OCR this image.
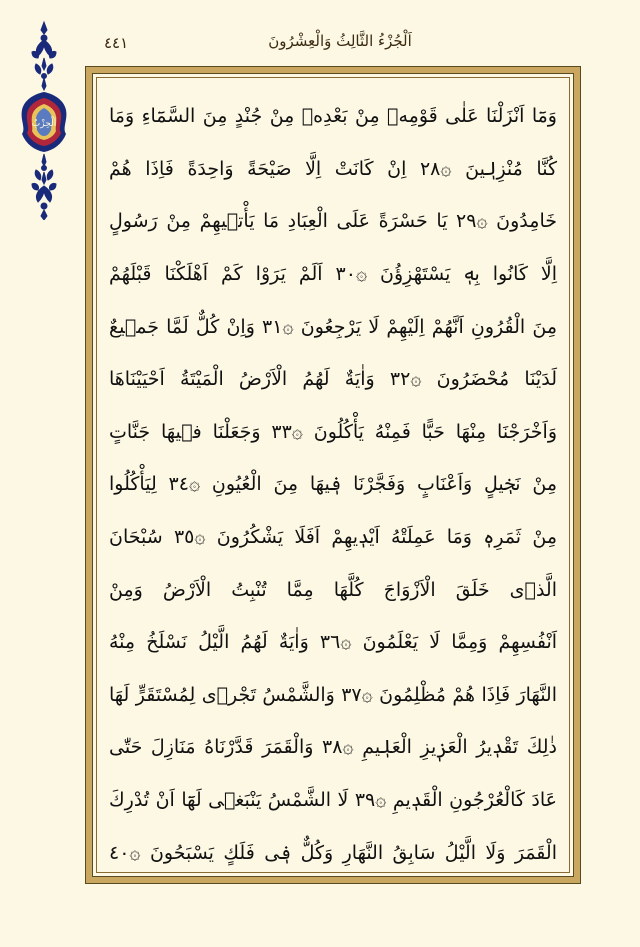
٤٤١	اَلْجُزْءُ الثَّالِثُ وَالْعِشْرُونَ
اَلْحِزْبُ	وَمَٓا اَنْزَلْنَا عَلٰى قَوْمِهٖ مِنْ بَعْدِهٖ مِنْ جُنْدٍ مِنَ السَّمَٓاءِ وَمَا
كُنَّا مُنْزِلٖينَ ۞٢٨ اِنْ كَانَتْ اِلَّا صَيْحَةً وَاحِدَةً فَاِذَا هُمْ
خَامِدُونَ ۞٢٩ يَا حَسْرَةً عَلَى الْعِبَادِ مَا يَأْتٖيهِمْ مِنْ رَسُولٍ
اِلَّا كَانُوا بِهٖ يَسْتَهْزِؤُنَ ۞٣٠ اَلَمْ يَرَوْا كَمْ اَهْلَكْنَا قَبْلَهُمْ
مِنَ الْقُرُونِ اَنَّهُمْ اِلَيْهِمْ لَا يَرْجِعُونَ ۞٣١ وَاِنْ كُلٌّ لَمَّا جَمٖيعٌ
لَدَيْنَا مُحْضَرُونَ ۞٣٢ وَاٰيَةٌ لَهُمُ الْاَرْضُ الْمَيْتَةُ اَحْيَيْنَاهَا
وَاَخْرَجْنَا مِنْهَا حَبًّا فَمِنْهُ يَأْكُلُونَ ۞٣٣ وَجَعَلْنَا فٖيهَا جَنَّاتٍ
مِنْ نَخٖيلٍ وَاَعْنَابٍ وَفَجَّرْنَا فٖيهَا مِنَ الْعُيُونِ ۞٣٤ لِيَأْكُلُوا
مِنْ ثَمَرِهٖ وَمَا عَمِلَتْهُ اَيْدٖيهِمْ اَفَلَا يَشْكُرُونَ ۞٣٥ سُبْحَانَ
الَّذٖى خَلَقَ الْاَزْوَاجَ كُلَّهَا مِمَّا تُنْبِتُ الْاَرْضُ وَمِنْ
اَنْفُسِهِمْ وَمِمَّا لَا يَعْلَمُونَ ۞٣٦ وَاٰيَةٌ لَهُمُ الَّيْلُ نَسْلَخُ مِنْهُ
النَّهَارَ فَاِذَا هُمْ مُظْلِمُونَ ۞٣٧ وَالشَّمْسُ تَجْرٖى لِمُسْتَقَرٍّ لَهَا
ذٰلِكَ تَقْدٖيرُ الْعَزٖيزِ الْعَلٖيمِ ۞٣٨ وَالْقَمَرَ قَدَّرْنَاهُ مَنَازِلَ حَتّٰى
عَادَ كَالْعُرْجُونِ الْقَدٖيمِ ۞٣٩ لَا الشَّمْسُ يَنْبَغٖى لَهَٓا اَنْ تُدْرِكَ
الْقَمَرَ وَلَا الَّيْلُ سَابِقُ النَّهَارِ وَكُلٌّ فٖى فَلَكٍ يَسْبَحُونَ ۞٤٠
